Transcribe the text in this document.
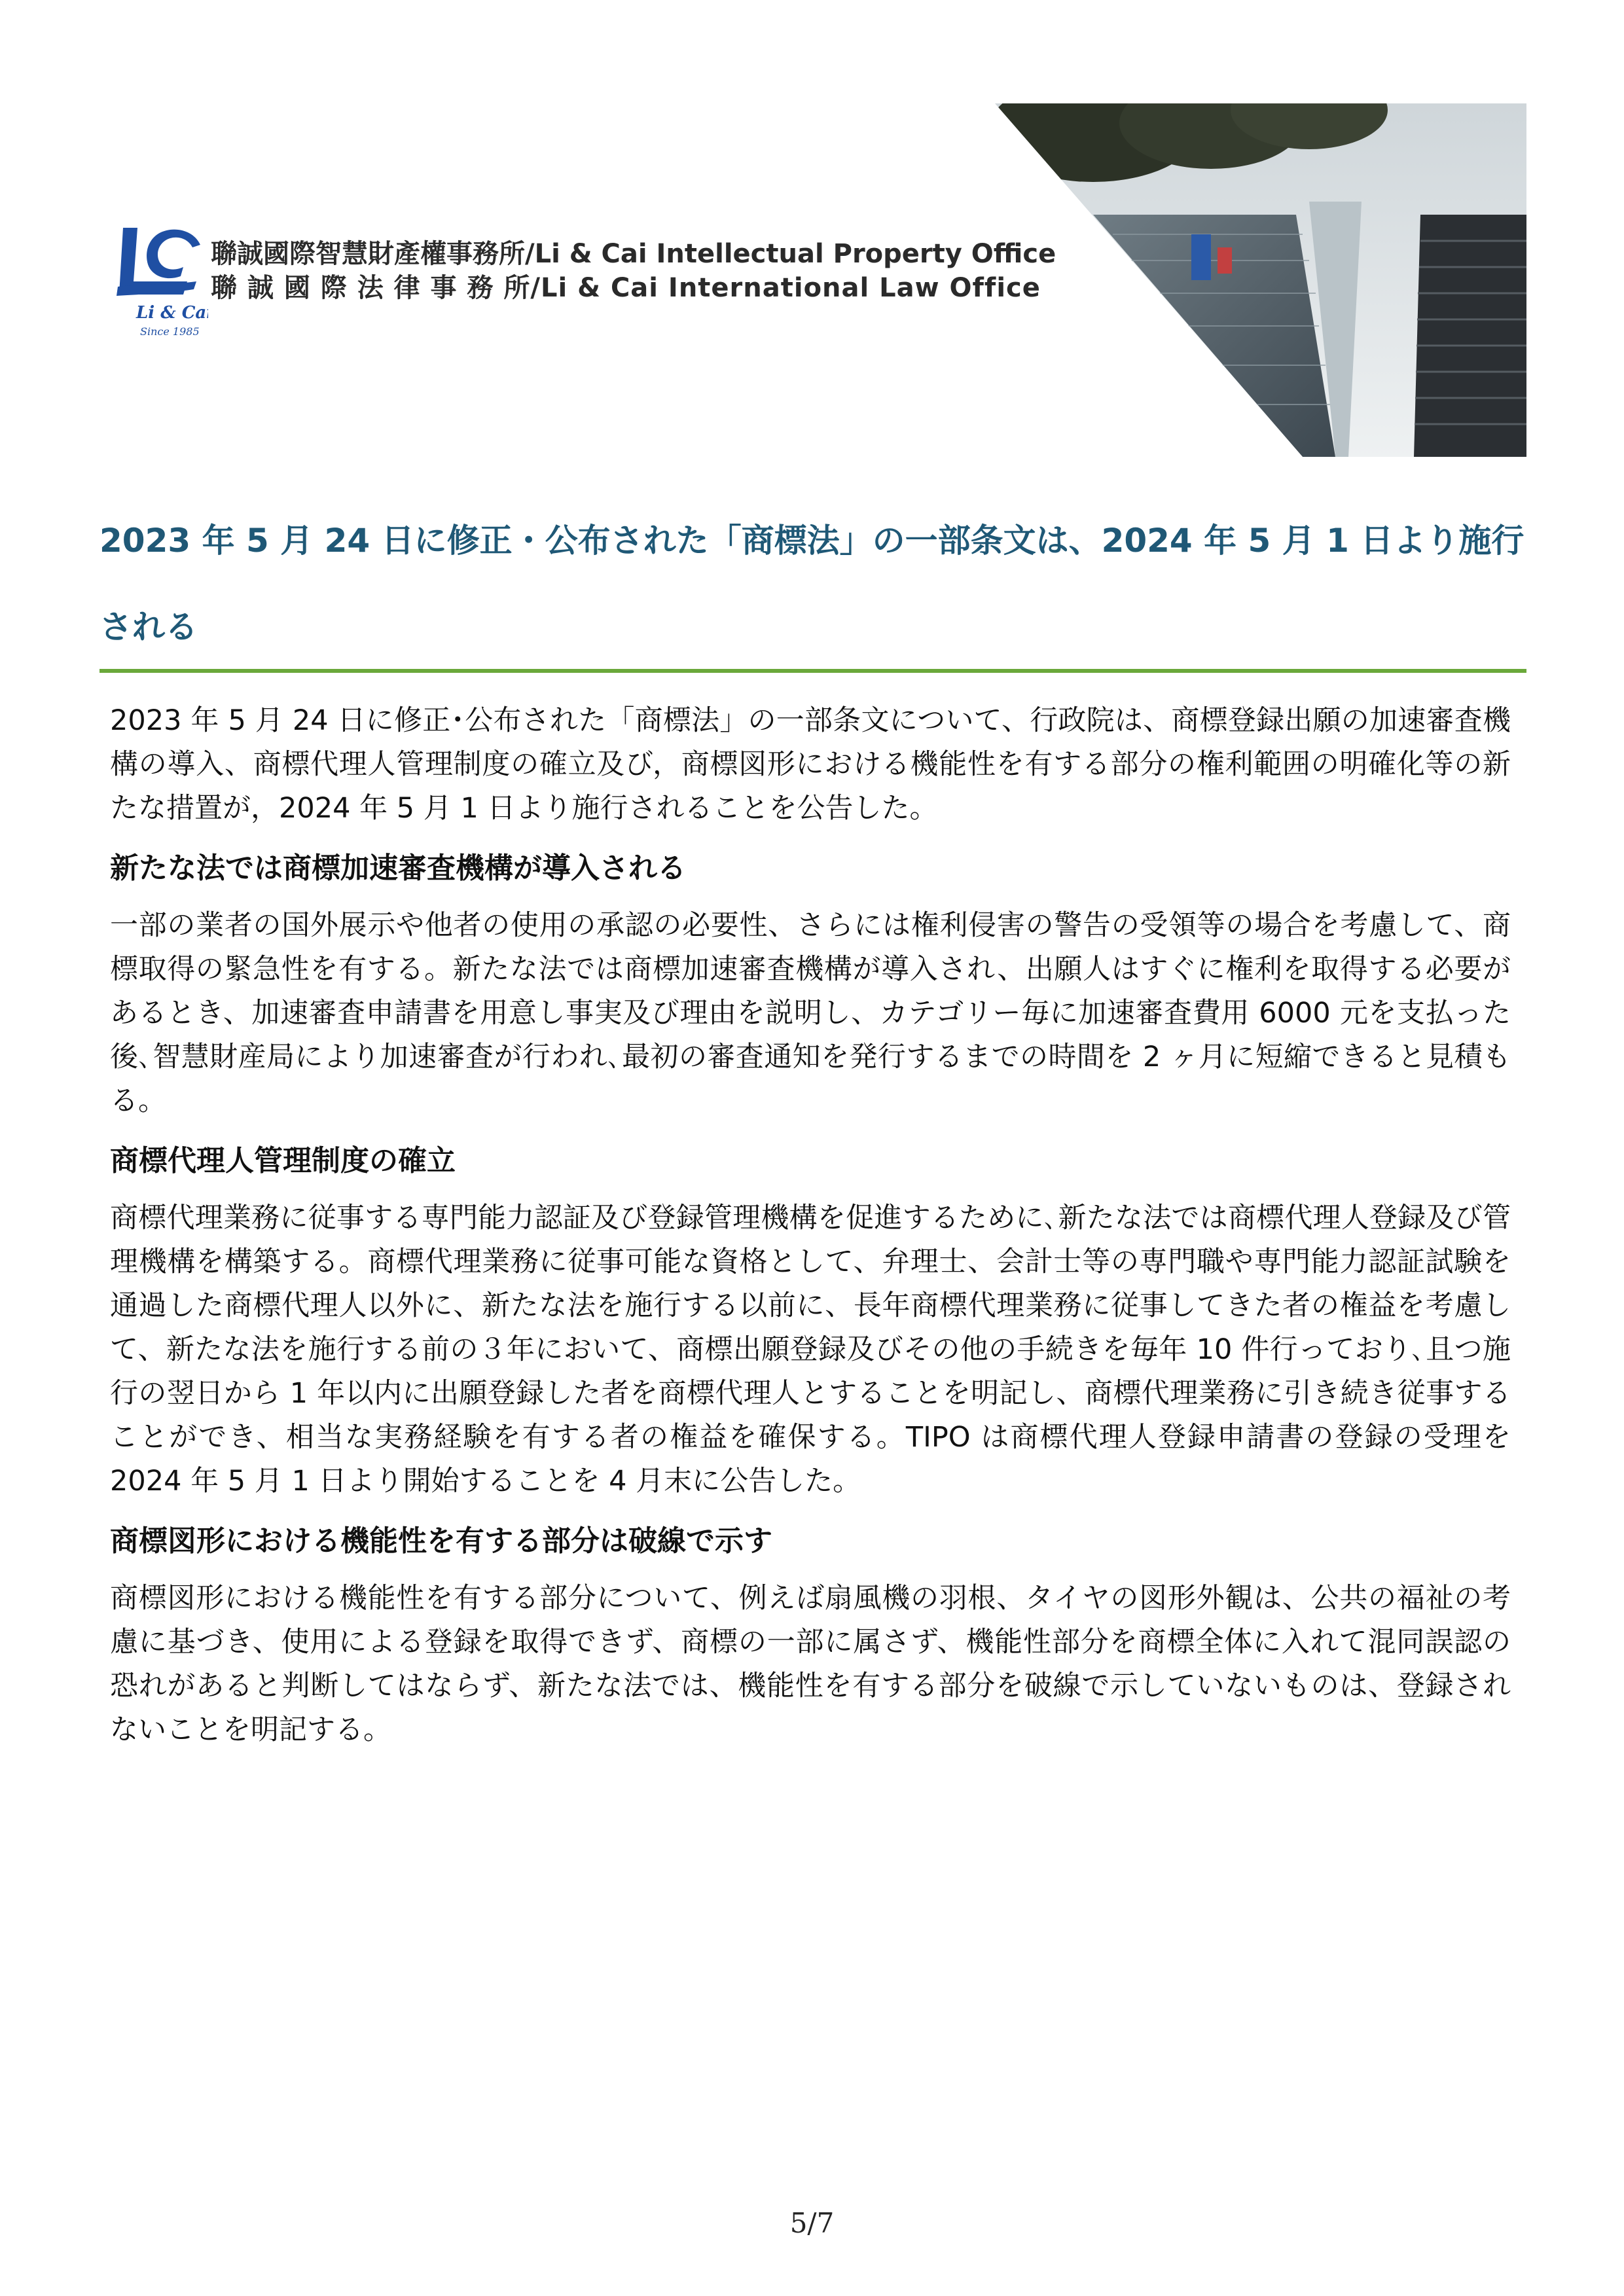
Li & Cai
Since 1985
聯誠國際智慧財產權事務所/Li & Cai Intellectual Property Office
聯 誠 國 際 法 律 事 務 所/Li & Cai International Law Office
2023 年 5 月 24 日に修正・公布された「商標法」の一部条文は、2024 年 5 月 1 日より施行される

2023 年 5 月 24 日に修正･公布された「商標法」の一部条文について、行政院は、商標登録出願の加速審査機構の導入、商標代理人管理制度の確立及び，商標図形における機能性を有する部分の権利範囲の明確化等の新たな措置が，2024 年 5 月 1 日より施行されることを公告した。

新たな法では商標加速審査機構が導入される

一部の業者の国外展示や他者の使用の承認の必要性、さらには権利侵害の警告の受領等の場合を考慮して、商標取得の緊急性を有する。新たな法では商標加速審査機構が導入され、出願人はすぐに権利を取得する必要があるとき、加速審査申請書を用意し事実及び理由を説明し、カテゴリー毎に加速審査費用 6000 元を支払った後､智慧財産局により加速審査が行われ､最初の審査通知を発行するまでの時間を 2 ヶ月に短縮できると見積もる。

商標代理人管理制度の確立

商標代理業務に従事する専門能力認証及び登録管理機構を促進するために､新たな法では商標代理人登録及び管理機構を構築する。商標代理業務に従事可能な資格として、弁理士、会計士等の専門職や専門能力認証試験を通過した商標代理人以外に、新たな法を施行する以前に、長年商標代理業務に従事してきた者の権益を考慮して、新たな法を施行する前の３年において、商標出願登録及びその他の手続きを毎年 10 件行っており､且つ施行の翌日から 1 年以内に出願登録した者を商標代理人とすることを明記し、商標代理業務に引き続き従事することができ、相当な実務経験を有する者の権益を確保する。TIPO は商標代理人登録申請書の登録の受理を 2024 年 5 月 1 日より開始することを 4 月末に公告した。

商標図形における機能性を有する部分は破線で示す

商標図形における機能性を有する部分について、例えば扇風機の羽根、タイヤの図形外観は、公共の福祉の考慮に基づき、使用による登録を取得できず、商標の一部に属さず、機能性部分を商標全体に入れて混同誤認の恐れがあると判断してはならず、新たな法では、機能性を有する部分を破線で示していないものは、登録されないことを明記する。

5/7
